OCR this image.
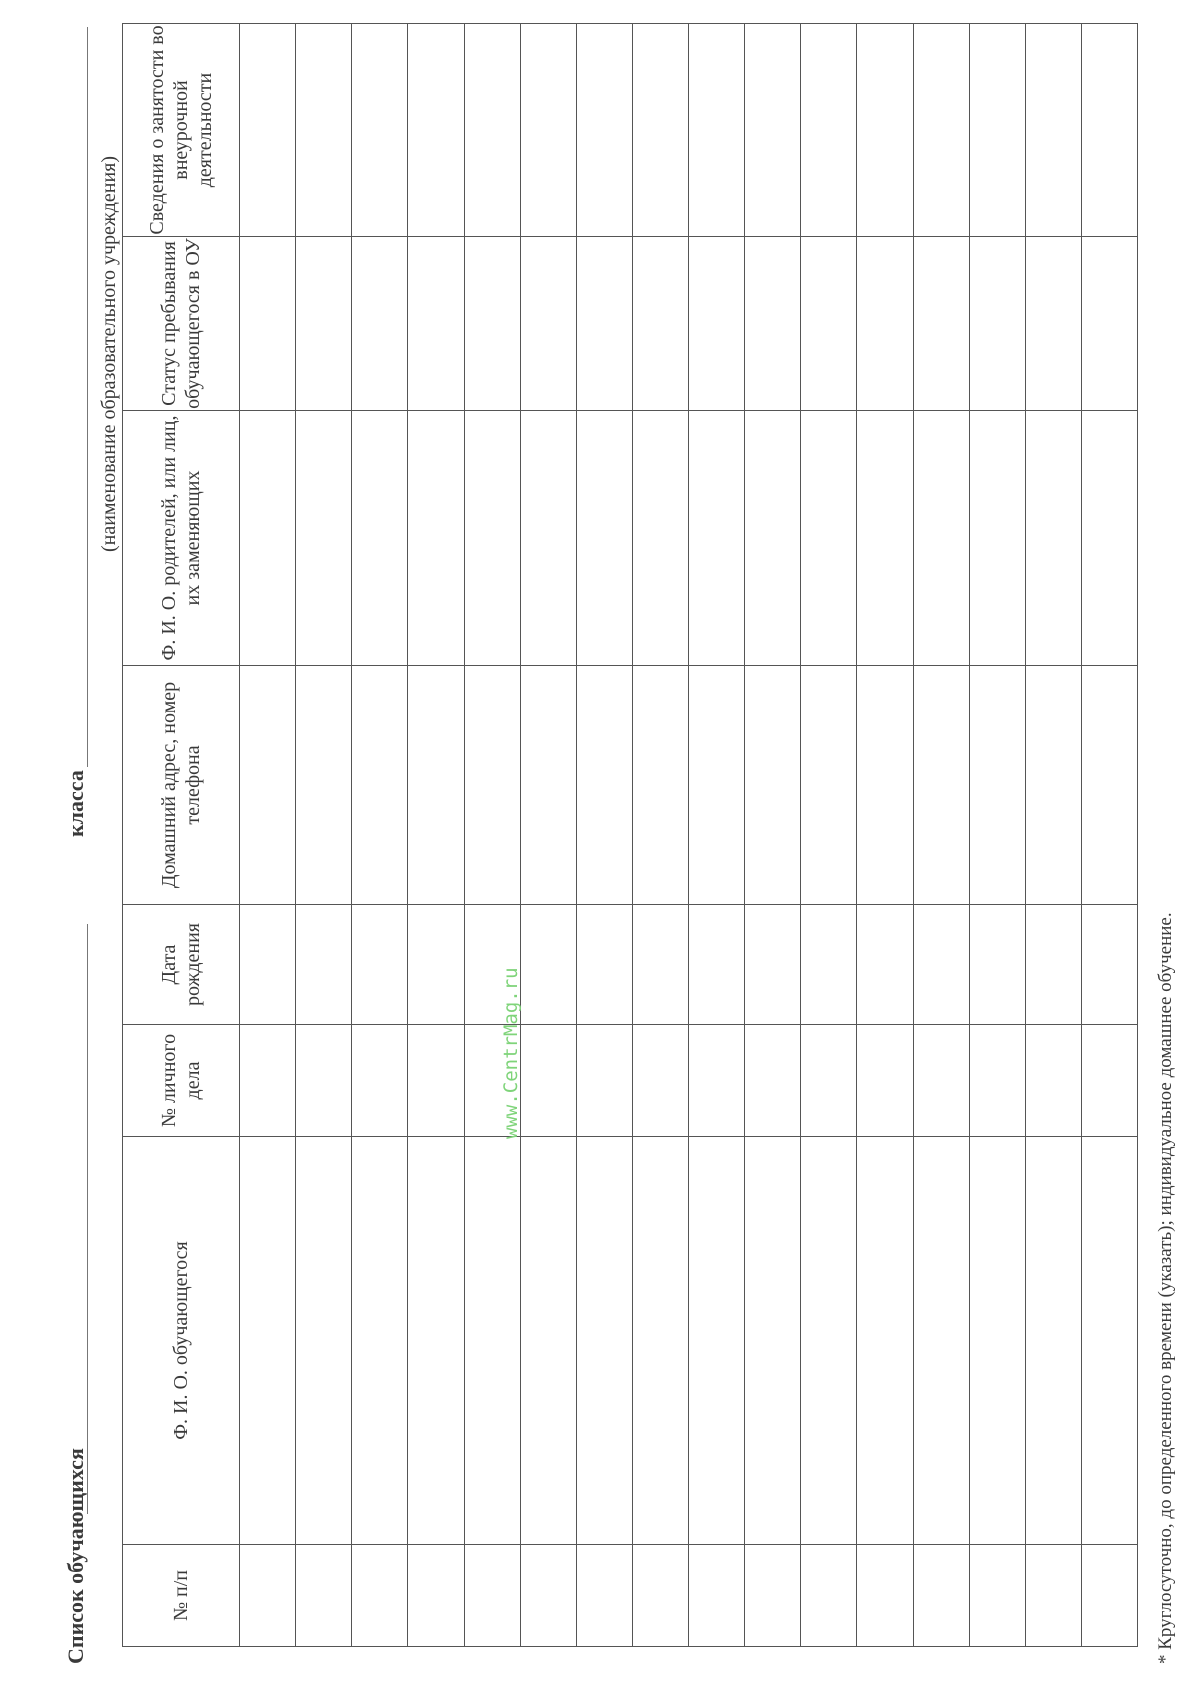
Список обучающихся
класса
(наименование образовательного учреждения)
№ п/п	Ф. И. О. обучающегося	№ личного дела	Дата рождения	Домашний адрес, номер телефона	Ф. И. О. родителей, или лиц, их заменяющих	Статус пребывания обучающегося в ОУ	Сведения о занятости во внеурочной деятельности

www.CentrMag.ru	* Круглосуточно, до определенного времени (указать); индивидуальное домашнее обучение.
